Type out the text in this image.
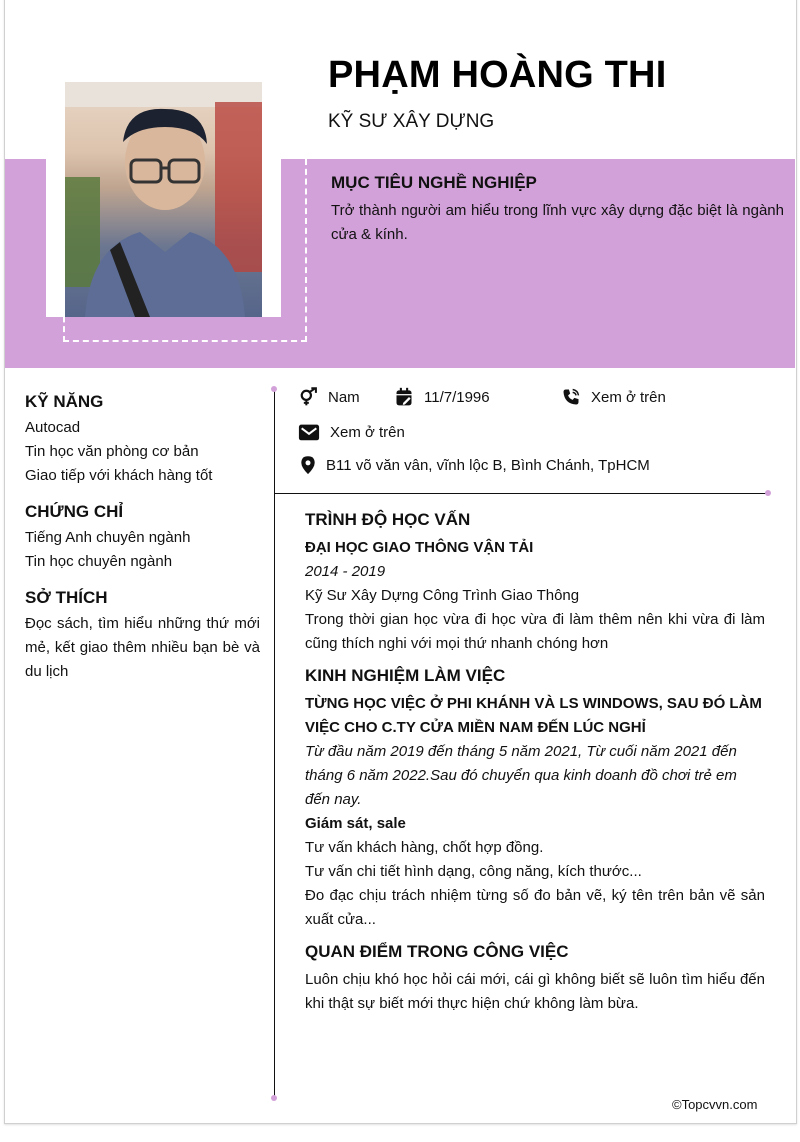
PHẠM HOÀNG THI
KỸ SƯ XÂY DỰNG
MỤC TIÊU NGHỀ NGHIỆP
Trở thành người am hiểu trong lĩnh vực xây dựng đặc biệt là ngành cửa & kính.
Nam	11/7/1996	Xem ở trên
Xem ở trên
B11 võ văn vân, vĩnh lộc B, Bình Chánh, TpHCM
KỸ NĂNG
Autocad
Tin học văn phòng cơ bản
Giao tiếp với khách hàng tốt
CHỨNG CHỈ
Tiếng Anh chuyên ngành
Tin học chuyên ngành
SỞ THÍCH
Đọc sách, tìm hiểu những thứ mới mẻ, kết giao thêm nhiều bạn bè và du lịch
TRÌNH ĐỘ HỌC VẤN
ĐẠI HỌC GIAO THÔNG VẬN TẢI
2014 - 2019
Kỹ Sư Xây Dựng Công Trình Giao Thông
Trong thời gian học vừa đi học vừa đi làm thêm nên khi vừa đi làm cũng thích nghi với mọi thứ nhanh chóng hơn
KINH NGHIỆM LÀM VIỆC
TỪNG HỌC VIỆC Ở PHI KHÁNH VÀ LS WINDOWS, SAU ĐÓ LÀM VIỆC CHO C.TY CỬA MIỀN NAM ĐẾN LÚC NGHỈ
Từ đầu năm 2019 đến tháng 5 năm 2021, Từ cuối năm 2021 đến tháng 6 năm 2022.Sau đó chuyển qua kinh doanh đồ chơi trẻ em đến nay.
Giám sát, sale
Tư vấn khách hàng, chốt hợp đồng.
Tư vấn chi tiết hình dạng, công năng, kích thước...
Đo đạc chịu trách nhiệm từng số đo bản vẽ, ký tên trên bản vẽ sản xuất cửa...
QUAN ĐIỂM TRONG CÔNG VIỆC
Luôn chịu khó học hỏi cái mới, cái gì không biết sẽ luôn tìm hiểu đến khi thật sự biết mới thực hiện chứ không làm bừa.
©Topcvvn.com
